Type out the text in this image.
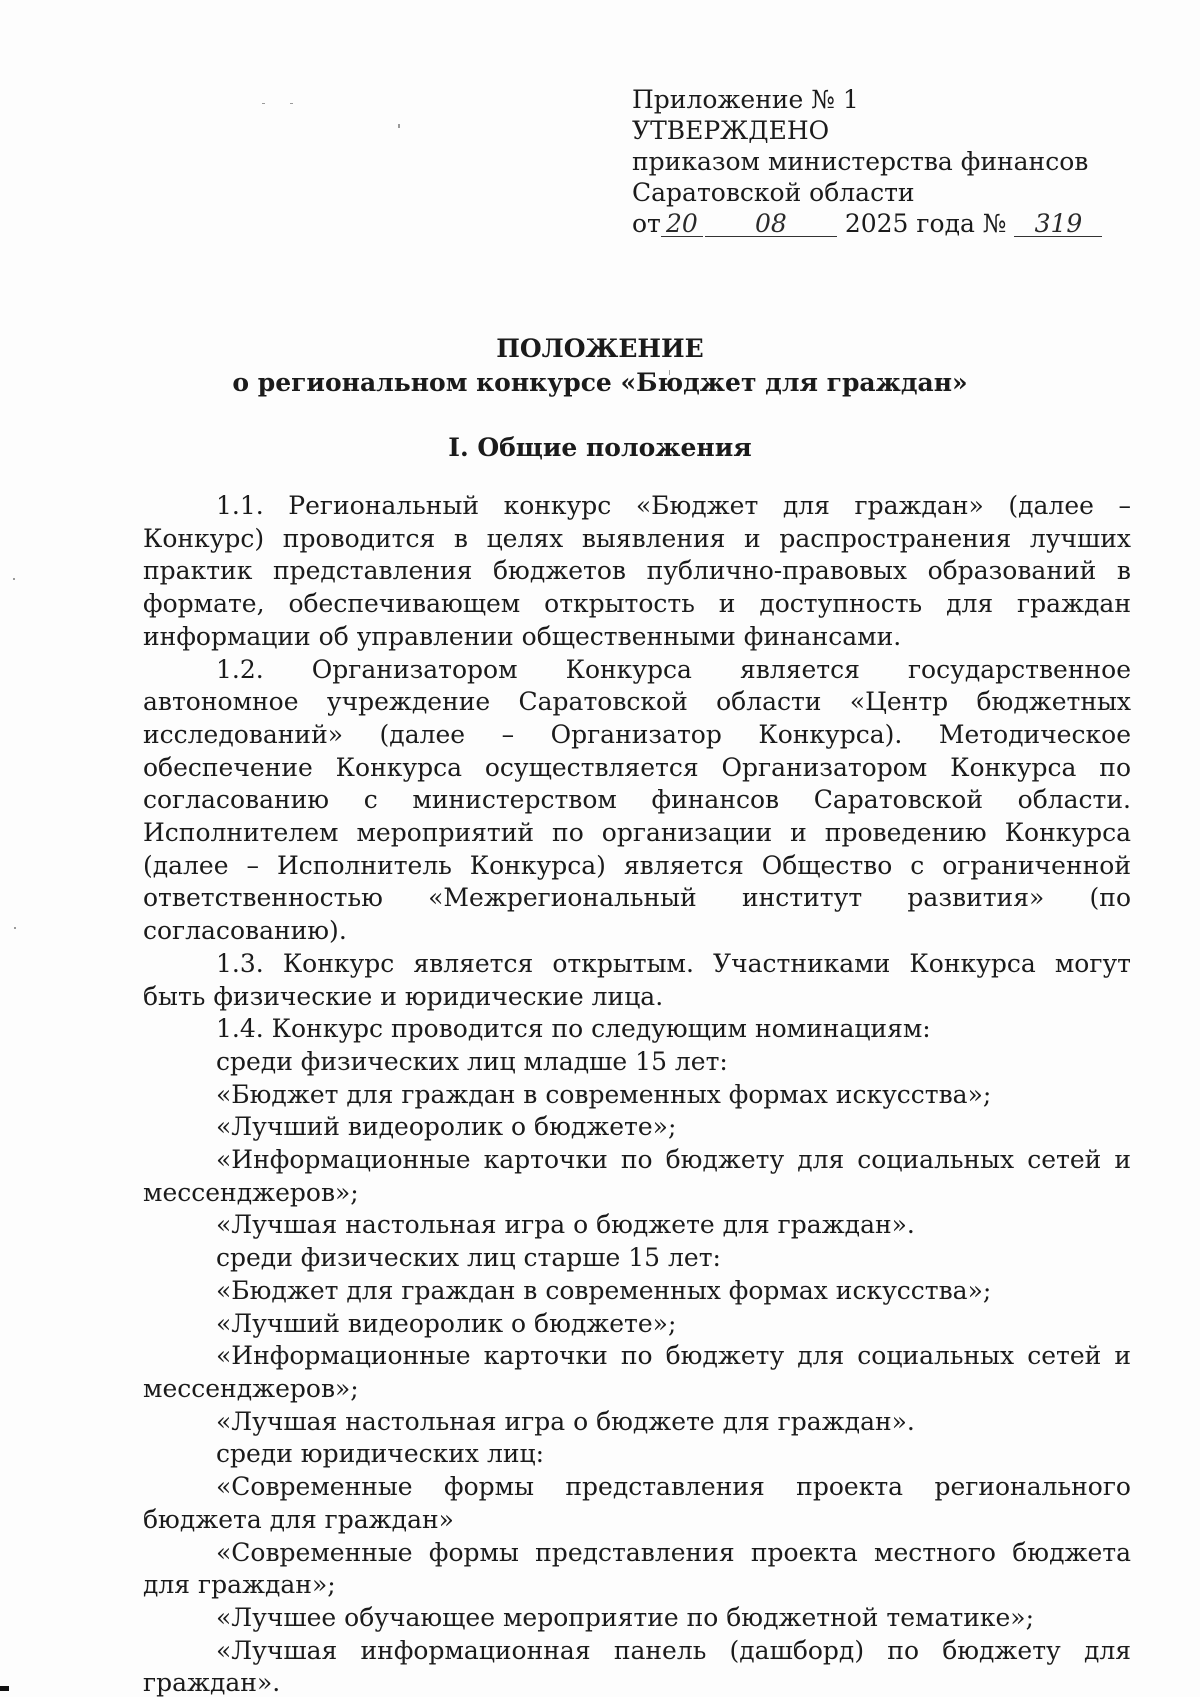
Приложение № 1
УТВЕРЖДЕНО
приказом министерства финансов
Саратовской области
от 20 08 2025 года № 319
ПОЛОЖЕНИЕ
о региональном конкурсе «Бюджет для граждан»
I. Общие положения

1.1. Региональный конкурс «Бюджет для граждан» (далее – Конкурс) проводится в целях выявления и распространения лучших практик представления бюджетов публично-правовых образований в формате, обеспечивающем открытость и доступность для граждан информации об управлении общественными финансами.

1.2. Организатором Конкурса является государственное автономное учреждение Саратовской области «Центр бюджетных исследований» (далее – Организатор Конкурса). Методическое обеспечение Конкурса осуществляется Организатором Конкурса по согласованию с министерством финансов Саратовской области. Исполнителем мероприятий по организации и проведению Конкурса (далее – Исполнитель Конкурса) является Общество с ограниченной ответственностью «Межрегиональный институт развития» (по согласованию).

1.3. Конкурс является открытым. Участниками Конкурса могут быть физические и юридические лица.

1.4. Конкурс проводится по следующим номинациям:

среди физических лиц младше 15 лет:

«Бюджет для граждан в современных формах искусства»;

«Лучший видеоролик о бюджете»;

«Информационные карточки по бюджету для социальных сетей и мессенджеров»;

«Лучшая настольная игра о бюджете для граждан».

среди физических лиц старше 15 лет:

«Бюджет для граждан в современных формах искусства»;

«Лучший видеоролик о бюджете»;

«Информационные карточки по бюджету для социальных сетей и мессенджеров»;

«Лучшая настольная игра о бюджете для граждан».

среди юридических лиц:

«Современные формы представления проекта регионального бюджета для граждан»

«Современные формы представления проекта местного бюджета для граждан»;

«Лучшее обучающее мероприятие по бюджетной тематике»;

«Лучшая информационная панель (дашборд) по бюджету для граждан».
